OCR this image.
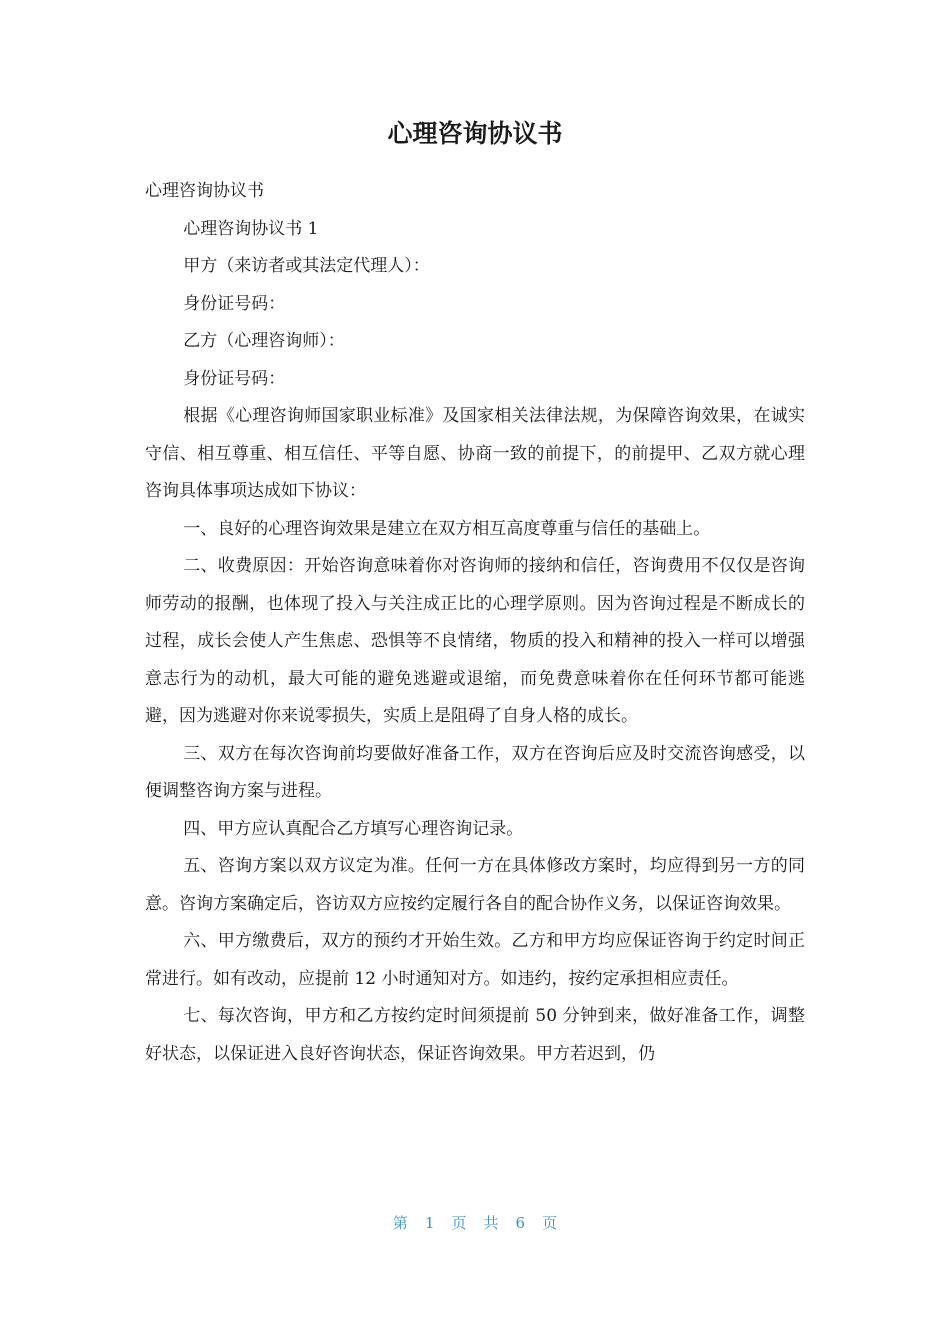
心理咨询协议书

心理咨询协议书

心理咨询协议书 1

甲方（来访者或其法定代理人）：

身份证号码：

乙方（心理咨询师）：

身份证号码：

根据《心理咨询师国家职业标准》及国家相关法律法规，为保障咨询效果，在诚实守信、相互尊重、相互信任、平等自愿、协商一致的前提下，的前提甲、乙双方就心理咨询具体事项达成如下协议：

一、良好的心理咨询效果是建立在双方相互高度尊重与信任的基础上。

二、收费原因：开始咨询意味着你对咨询师的接纳和信任，咨询费用不仅仅是咨询师劳动的报酬，也体现了投入与关注成正比的心理学原则。因为咨询过程是不断成长的过程，成长会使人产生焦虑、恐惧等不良情绪，物质的投入和精神的投入一样可以增强意志行为的动机，最大可能的避免逃避或退缩，而免费意味着你在任何环节都可能逃避，因为逃避对你来说零损失，实质上是阻碍了自身人格的成长。

三、双方在每次咨询前均要做好准备工作，双方在咨询后应及时交流咨询感受，以便调整咨询方案与进程。

四、甲方应认真配合乙方填写心理咨询记录。

五、咨询方案以双方议定为准。任何一方在具体修改方案时，均应得到另一方的同意。咨询方案确定后，咨访双方应按约定履行各自的配合协作义务，以保证咨询效果。

六、甲方缴费后，双方的预约才开始生效。乙方和甲方均应保证咨询于约定时间正常进行。如有改动，应提前 12 小时通知对方。如违约，按约定承担相应责任。

七、每次咨询，甲方和乙方按约定时间须提前 50 分钟到来，做好准备工作，调整好状态，以保证进入良好咨询状态，保证咨询效果。甲方若迟到，仍

第 1 页 共 6 页
